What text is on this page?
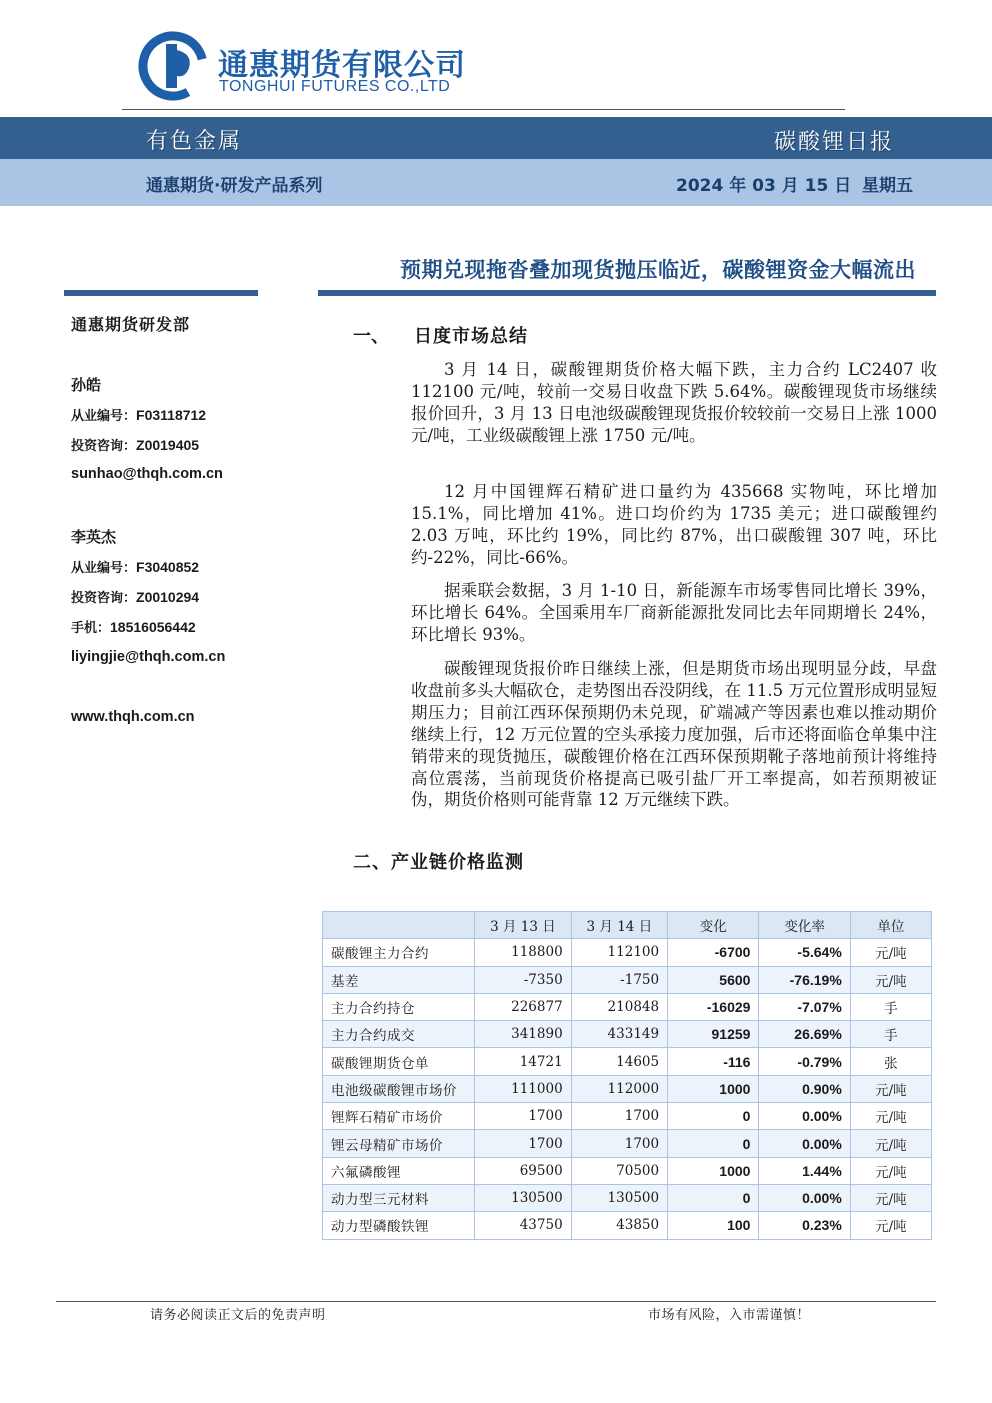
通惠期货有限公司
TONGHUI FUTURES CO.,LTD
有色金属	碳酸锂日报
通惠期货·研发产品系列	2024 年 03 月 15 日 星期五
预期兑现拖沓叠加现货抛压临近，碳酸锂资金大幅流出
通惠期货研发部
孙皓
从业编号：F03118712
投资咨询：Z0019405
sunhao@thqh.com.cn
李英杰
从业编号：F3040852
投资咨询：Z0010294
手机：18516056442
liyingjie@thqh.com.cn
www.thqh.com.cn
一、 日度市场总结

3 月 14 日，碳酸锂期货价格大幅下跌，主力合约 LC2407 收 112100 元/吨，较前一交易日收盘下跌 5.64%。碳酸锂现货市场继续报价回升，3 月 13 日电池级碳酸锂现货报价较较前一交易日上涨 1000 元/吨，工业级碳酸锂上涨 1750 元/吨。

12 月中国锂辉石精矿进口量约为 435668 实物吨，环比增加 15.1%，同比增加 41%。进口均价约为 1735 美元；进口碳酸锂约 2.03 万吨，环比约 19%，同比约 87%，出口碳酸锂 307 吨，环比约-22%，同比-66%。

据乘联会数据，3 月 1-10 日，新能源车市场零售同比增长 39%，环比增长 64%。全国乘用车厂商新能源批发同比去年同期增长 24%，环比增长 93%。

碳酸锂现货报价昨日继续上涨，但是期货市场出现明显分歧，早盘收盘前多头大幅砍仓，走势图出吞没阴线，在 11.5 万元位置形成明显短期压力；目前江西环保预期仍未兑现，矿端减产等因素也难以推动期价继续上行，12 万元位置的空头承接力度加强，后市还将面临仓单集中注销带来的现货抛压，碳酸锂价格在江西环保预期靴子落地前预计将维持高位震荡，当前现货价格提高已吸引盐厂开工率提高，如若预期被证伪，期货价格则可能背靠 12 万元继续下跌。

二、产业链价格监测
	3 月 13 日	3 月 14 日	变化	变化率	单位
碳酸锂主力合约	118800	112100	-6700	-5.64%	元/吨
基差	-7350	-1750	5600	-76.19%	元/吨
主力合约持仓	226877	210848	-16029	-7.07%	手
主力合约成交	341890	433149	91259	26.69%	手
碳酸锂期货仓单	14721	14605	-116	-0.79%	张
电池级碳酸锂市场价	111000	112000	1000	0.90%	元/吨
锂辉石精矿市场价	1700	1700	0	0.00%	元/吨
锂云母精矿市场价	1700	1700	0	0.00%	元/吨
六氟磷酸锂	69500	70500	1000	1.44%	元/吨
动力型三元材料	130500	130500	0	0.00%	元/吨
动力型磷酸铁锂	43750	43850	100	0.23%	元/吨
请务必阅读正文后的免责声明	市场有风险，入市需谨慎！
